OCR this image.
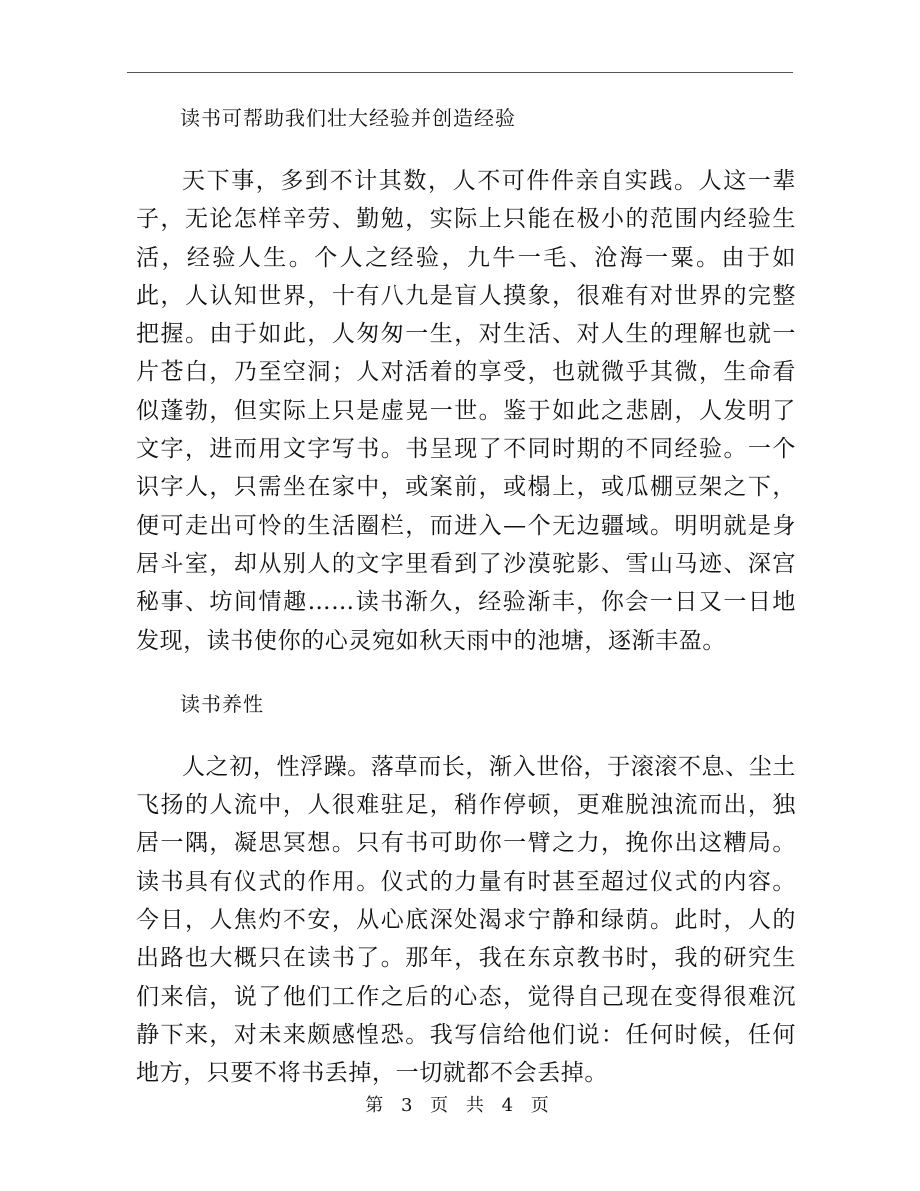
读书可帮助我们壮大经验并创造经验

天下事，多到不计其数，人不可件件亲自实践。人这一辈子，无论怎样辛劳、勤勉，实际上只能在极小的范围内经验生活，经验人生。个人之经验，九牛一毛、沧海一粟。由于如此，人认知世界，十有八九是盲人摸象，很难有对世界的完整把握。由于如此，人匆匆一生，对生活、对人生的理解也就一片苍白，乃至空洞；人对活着的享受，也就微乎其微，生命看似蓬勃，但实际上只是虚晃一世。鉴于如此之悲剧，人发明了文字，进而用文字写书。书呈现了不同时期的不同经验。一个识字人，只需坐在家中，或案前，或榻上，或瓜棚豆架之下，便可走出可怜的生活圈栏，而进入—个无边疆域。明明就是身居斗室，却从别人的文字里看到了沙漠驼影、雪山马迹、深宫秘事、坊间情趣……读书渐久，经验渐丰，你会一日又一日地发现，读书使你的心灵宛如秋天雨中的池塘，逐渐丰盈。

读书养性

人之初，性浮躁。落草而长，渐入世俗，于滚滚不息、尘土飞扬的人流中，人很难驻足，稍作停顿，更难脱浊流而出，独居一隅，凝思冥想。只有书可助你一臂之力，挽你出这糟局。读书具有仪式的作用。仪式的力量有时甚至超过仪式的内容。今日，人焦灼不安，从心底深处渴求宁静和绿荫。此时，人的出路也大概只在读书了。那年，我在东京教书时，我的研究生们来信，说了他们工作之后的心态，觉得自己现在变得很难沉静下来，对未来颇感惶恐。我写信给他们说：任何时候，任何地方，只要不将书丢掉，一切就都不会丢掉。

第 3 页 共 4 页
